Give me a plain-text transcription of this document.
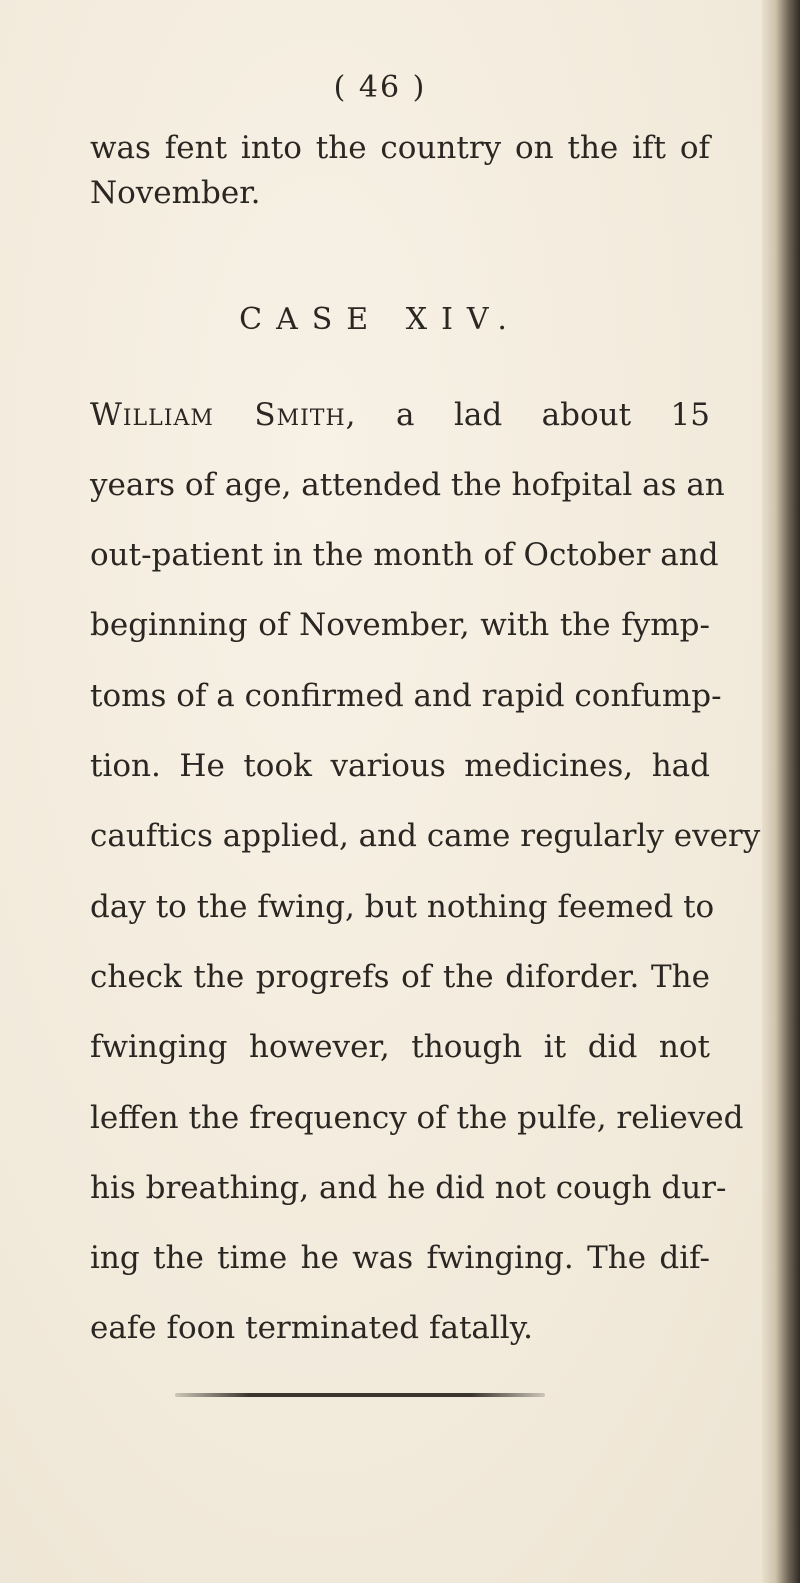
( 46 )
was fent into the country on the ift of
November.
CASE XIV.
William Smith, a lad about 15
years of age, attended the hofpital as an
out-patient in the month of October and
beginning of November, with the fymp-
toms of a confirmed and rapid confump-
tion. He took various medicines, had
cauftics applied, and came regularly every
day to the fwing, but nothing feemed to
check the progrefs of the diforder. The
fwinging however, though it did not
leffen the frequency of the pulfe, relieved
his breathing, and he did not cough dur-
ing the time he was fwinging. The dif-
eafe foon terminated fatally.
